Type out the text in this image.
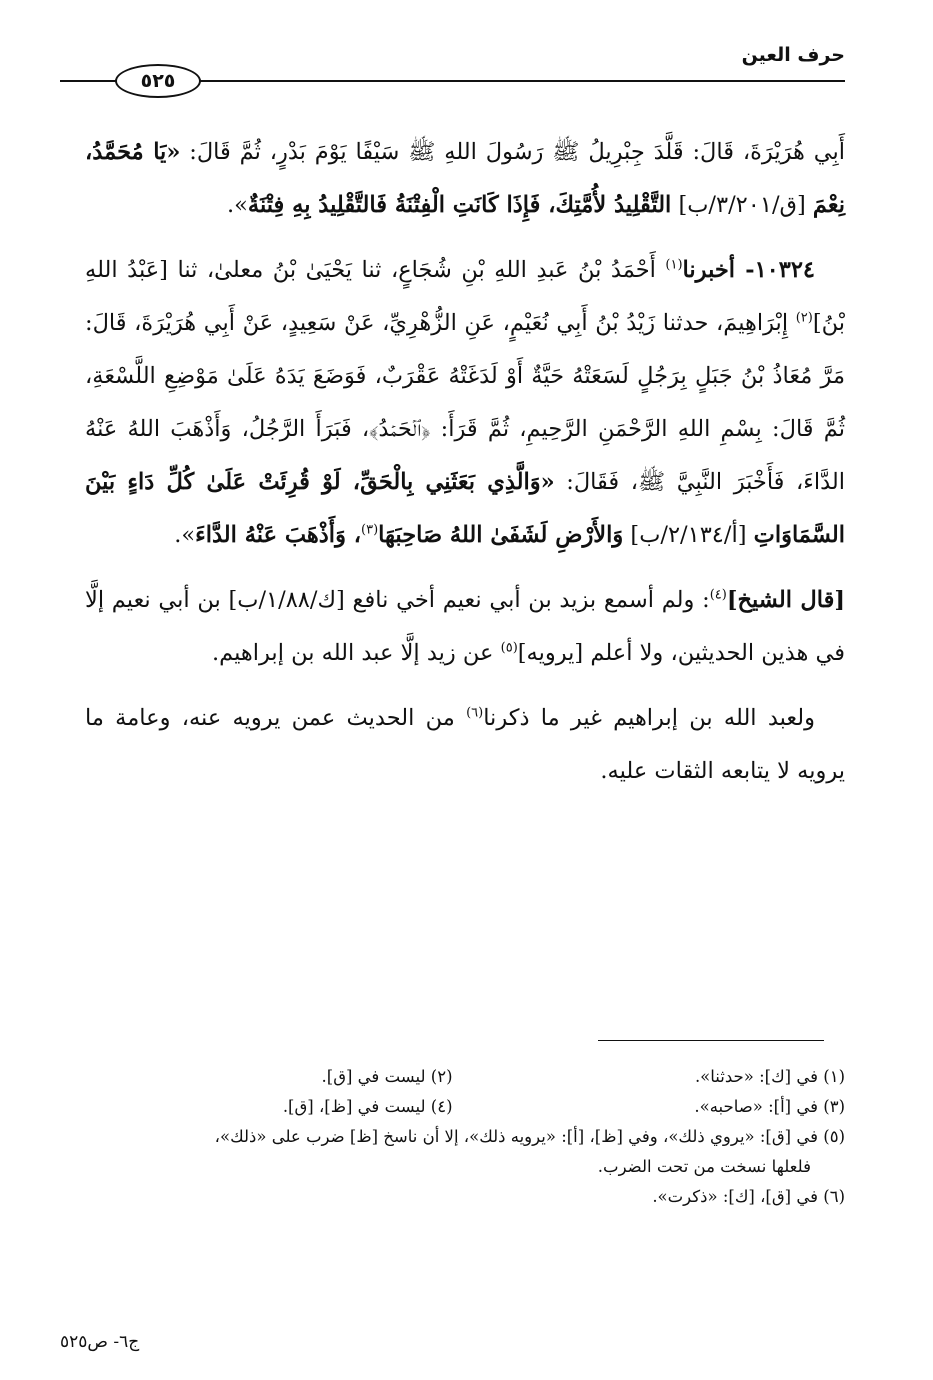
حرف العين
٥٢٥

أَبِي هُرَيْرَةَ، قَالَ: قَلَّدَ جِبْرِيلُ ﷺ رَسُولَ اللهِ ﷺ سَيْفًا يَوْمَ بَدْرٍ، ثُمَّ قَالَ: «يَا مُحَمَّدُ، نِعْمَ [ق/٣/٢٠١/ب] التَّقْلِيدُ لأُمَّتِكَ، فَإِذَا كَانَتِ الْفِتْنَةُ فَالتَّقْلِيدُ بِهِ فِتْنَةٌ».

١٠٣٢٤- أخبرنا$^{(١)}$ أَحْمَدُ بْنُ عَبدِ اللهِ بْنِ شُجَاعٍ، ثنا يَحْيَىٰ بْنُ معلىٰ، ثنا [عَبْدُ اللهِ بْنُ]$^{(٢)}$ إِبْرَاهِيمَ، حدثنا زَيْدُ بْنُ أَبِي نُعَيْمٍ، عَنِ الزُّهْرِيِّ، عَنْ سَعِيدٍ، عَنْ أَبِي هُرَيْرَةَ، قَالَ: مَرَّ مُعَاذُ بْنُ جَبَلٍ بِرَجُلٍ لَسَعَتْهُ حَيَّةٌ أَوْ لَدَغَتْهُ عَقْرَبٌ، فَوَضَعَ يَدَهُ عَلَىٰ مَوْضِعِ اللَّسْعَةِ، ثُمَّ قَالَ: بِسْمِ اللهِ الرَّحْمَنِ الرَّحِيمِ، ثُمَّ قَرَأَ: ﴿ٱلۡحَمۡدُ﴾، فَبَرَأَ الرَّجُلُ، وَأَذْهَبَ اللهُ عَنْهُ الدَّاءَ، فَأَخْبَرَ النَّبِيَّ ﷺ، فَقَالَ: «وَالَّذِي بَعَثَنِي بِالْحَقِّ، لَوْ قُرِئَتْ عَلَىٰ كُلِّ دَاءٍ بَيْنَ السَّمَاوَاتِ [أ/٢/١٣٤/ب] وَالأَرْضِ لَشَفَىٰ اللهُ صَاحِبَهَا$^{(٣)}$، وَأَذْهَبَ عَنْهُ الدَّاءَ».

[قال الشيخ]$^{(٤)}$: ولم أسمع بزيد بن أبي نعيم أخي نافع [ك/١/٨٨/ب] بن أبي نعيم إلَّا في هذين الحديثين، ولا أعلم [يرويه]$^{(٥)}$ عن زيد إلَّا عبد الله بن إبراهيم.

ولعبد الله بن إبراهيم غير ما ذكرنا$^{(٦)}$ من الحديث عمن يرويه عنه، وعامة ما يرويه لا يتابعه الثقات عليه.

(١) في [ك]: «حدثنا».
(٢) ليست في [ق].
(٣) في [أ]: «صاحبه».
(٤) ليست في [ظ]، [ق].
(٥) في [ق]: «يروي ذلك»، وفي [ظ]، [أ]: «يرويه ذلك»، إلا أن ناسخ [ظ] ضرب على «ذلك»،
فلعلها نسخت من تحت الضرب.
(٦) في [ق]، [ك]: «ذكرت».
ج٦- ص٥٢٥
